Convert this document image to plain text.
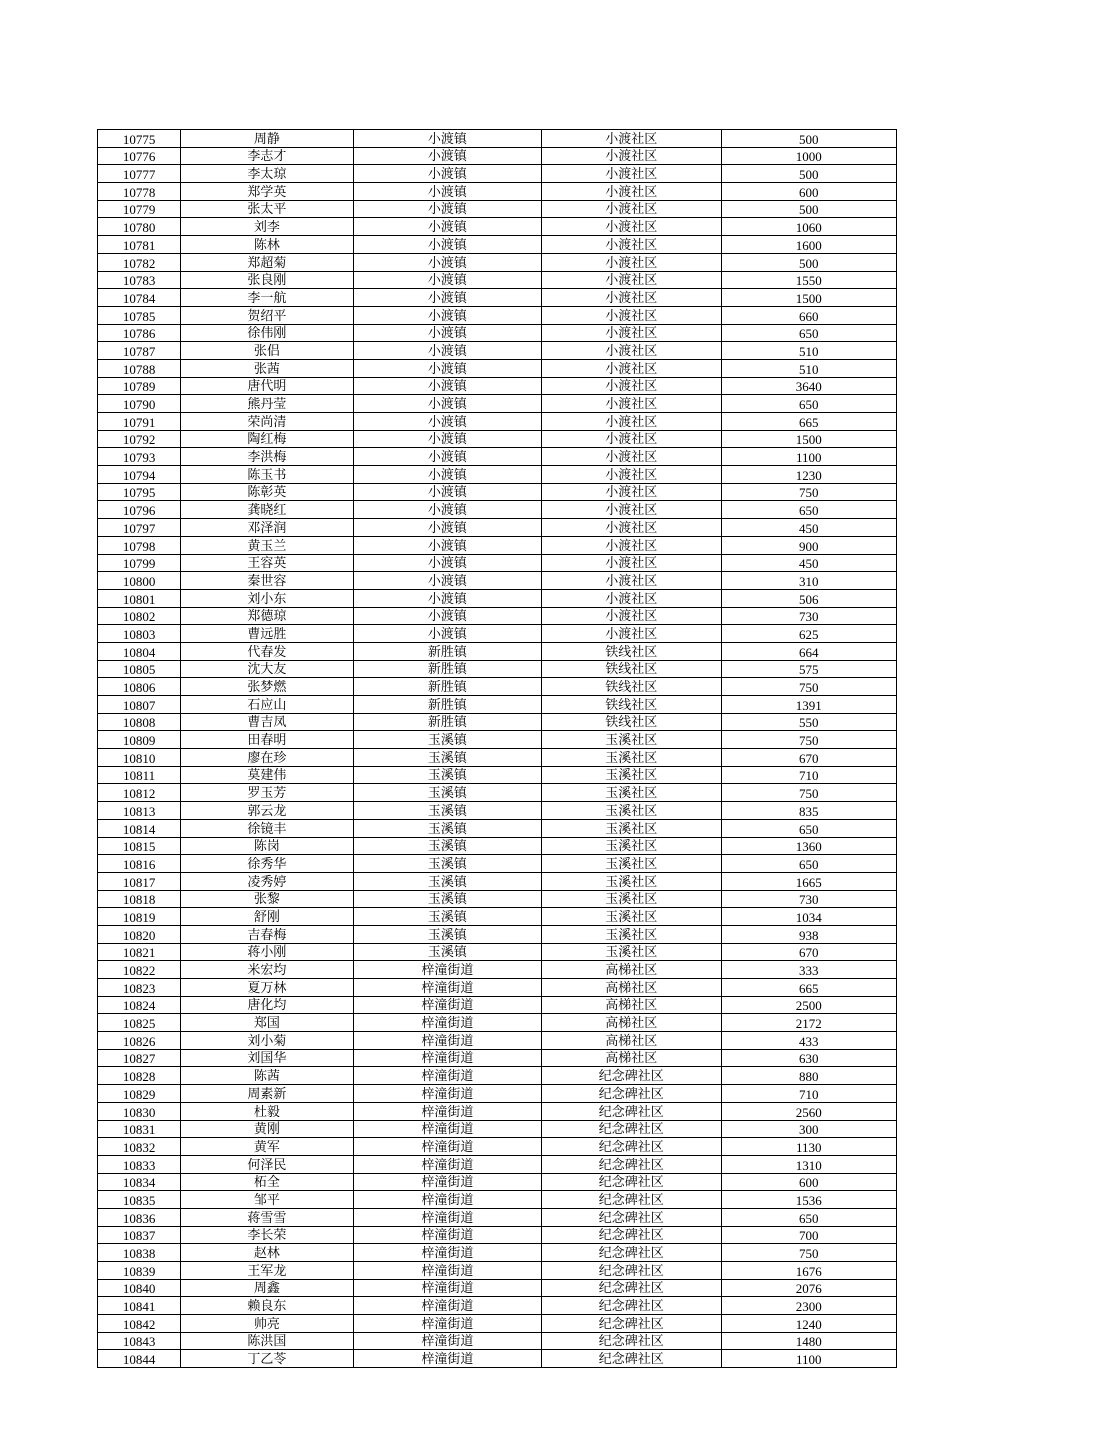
10775	周静	小渡镇	小渡社区	500
10776	李志才	小渡镇	小渡社区	1000
10777	李太琼	小渡镇	小渡社区	500
10778	郑学英	小渡镇	小渡社区	600
10779	张太平	小渡镇	小渡社区	500
10780	刘李	小渡镇	小渡社区	1060
10781	陈林	小渡镇	小渡社区	1600
10782	郑超菊	小渡镇	小渡社区	500
10783	张良刚	小渡镇	小渡社区	1550
10784	李一航	小渡镇	小渡社区	1500
10785	贺绍平	小渡镇	小渡社区	660
10786	徐伟刚	小渡镇	小渡社区	650
10787	张侣	小渡镇	小渡社区	510
10788	张茜	小渡镇	小渡社区	510
10789	唐代明	小渡镇	小渡社区	3640
10790	熊丹莹	小渡镇	小渡社区	650
10791	荣尚清	小渡镇	小渡社区	665
10792	陶红梅	小渡镇	小渡社区	1500
10793	李洪梅	小渡镇	小渡社区	1100
10794	陈玉书	小渡镇	小渡社区	1230
10795	陈彰英	小渡镇	小渡社区	750
10796	龚晓红	小渡镇	小渡社区	650
10797	邓泽润	小渡镇	小渡社区	450
10798	黄玉兰	小渡镇	小渡社区	900
10799	王容英	小渡镇	小渡社区	450
10800	秦世容	小渡镇	小渡社区	310
10801	刘小东	小渡镇	小渡社区	506
10802	郑德琼	小渡镇	小渡社区	730
10803	曹远胜	小渡镇	小渡社区	625
10804	代春发	新胜镇	铁线社区	664
10805	沈大友	新胜镇	铁线社区	575
10806	张梦燃	新胜镇	铁线社区	750
10807	石应山	新胜镇	铁线社区	1391
10808	曹吉凤	新胜镇	铁线社区	550
10809	田春明	玉溪镇	玉溪社区	750
10810	廖在珍	玉溪镇	玉溪社区	670
10811	莫建伟	玉溪镇	玉溪社区	710
10812	罗玉芳	玉溪镇	玉溪社区	750
10813	郭云龙	玉溪镇	玉溪社区	835
10814	徐镜丰	玉溪镇	玉溪社区	650
10815	陈岗	玉溪镇	玉溪社区	1360
10816	徐秀华	玉溪镇	玉溪社区	650
10817	凌秀婷	玉溪镇	玉溪社区	1665
10818	张黎	玉溪镇	玉溪社区	730
10819	舒刚	玉溪镇	玉溪社区	1034
10820	吉春梅	玉溪镇	玉溪社区	938
10821	蒋小刚	玉溪镇	玉溪社区	670
10822	米宏均	梓潼街道	高梯社区	333
10823	夏万林	梓潼街道	高梯社区	665
10824	唐化均	梓潼街道	高梯社区	2500
10825	郑国	梓潼街道	高梯社区	2172
10826	刘小菊	梓潼街道	高梯社区	433
10827	刘国华	梓潼街道	高梯社区	630
10828	陈茜	梓潼街道	纪念碑社区	880
10829	周素新	梓潼街道	纪念碑社区	710
10830	杜毅	梓潼街道	纪念碑社区	2560
10831	黄刚	梓潼街道	纪念碑社区	300
10832	黄军	梓潼街道	纪念碑社区	1130
10833	何泽民	梓潼街道	纪念碑社区	1310
10834	柘全	梓潼街道	纪念碑社区	600
10835	邹平	梓潼街道	纪念碑社区	1536
10836	蒋雪雪	梓潼街道	纪念碑社区	650
10837	李长荣	梓潼街道	纪念碑社区	700
10838	赵林	梓潼街道	纪念碑社区	750
10839	王军龙	梓潼街道	纪念碑社区	1676
10840	周鑫	梓潼街道	纪念碑社区	2076
10841	赖良东	梓潼街道	纪念碑社区	2300
10842	帅亮	梓潼街道	纪念碑社区	1240
10843	陈洪国	梓潼街道	纪念碑社区	1480
10844	丁乙苓	梓潼街道	纪念碑社区	1100
